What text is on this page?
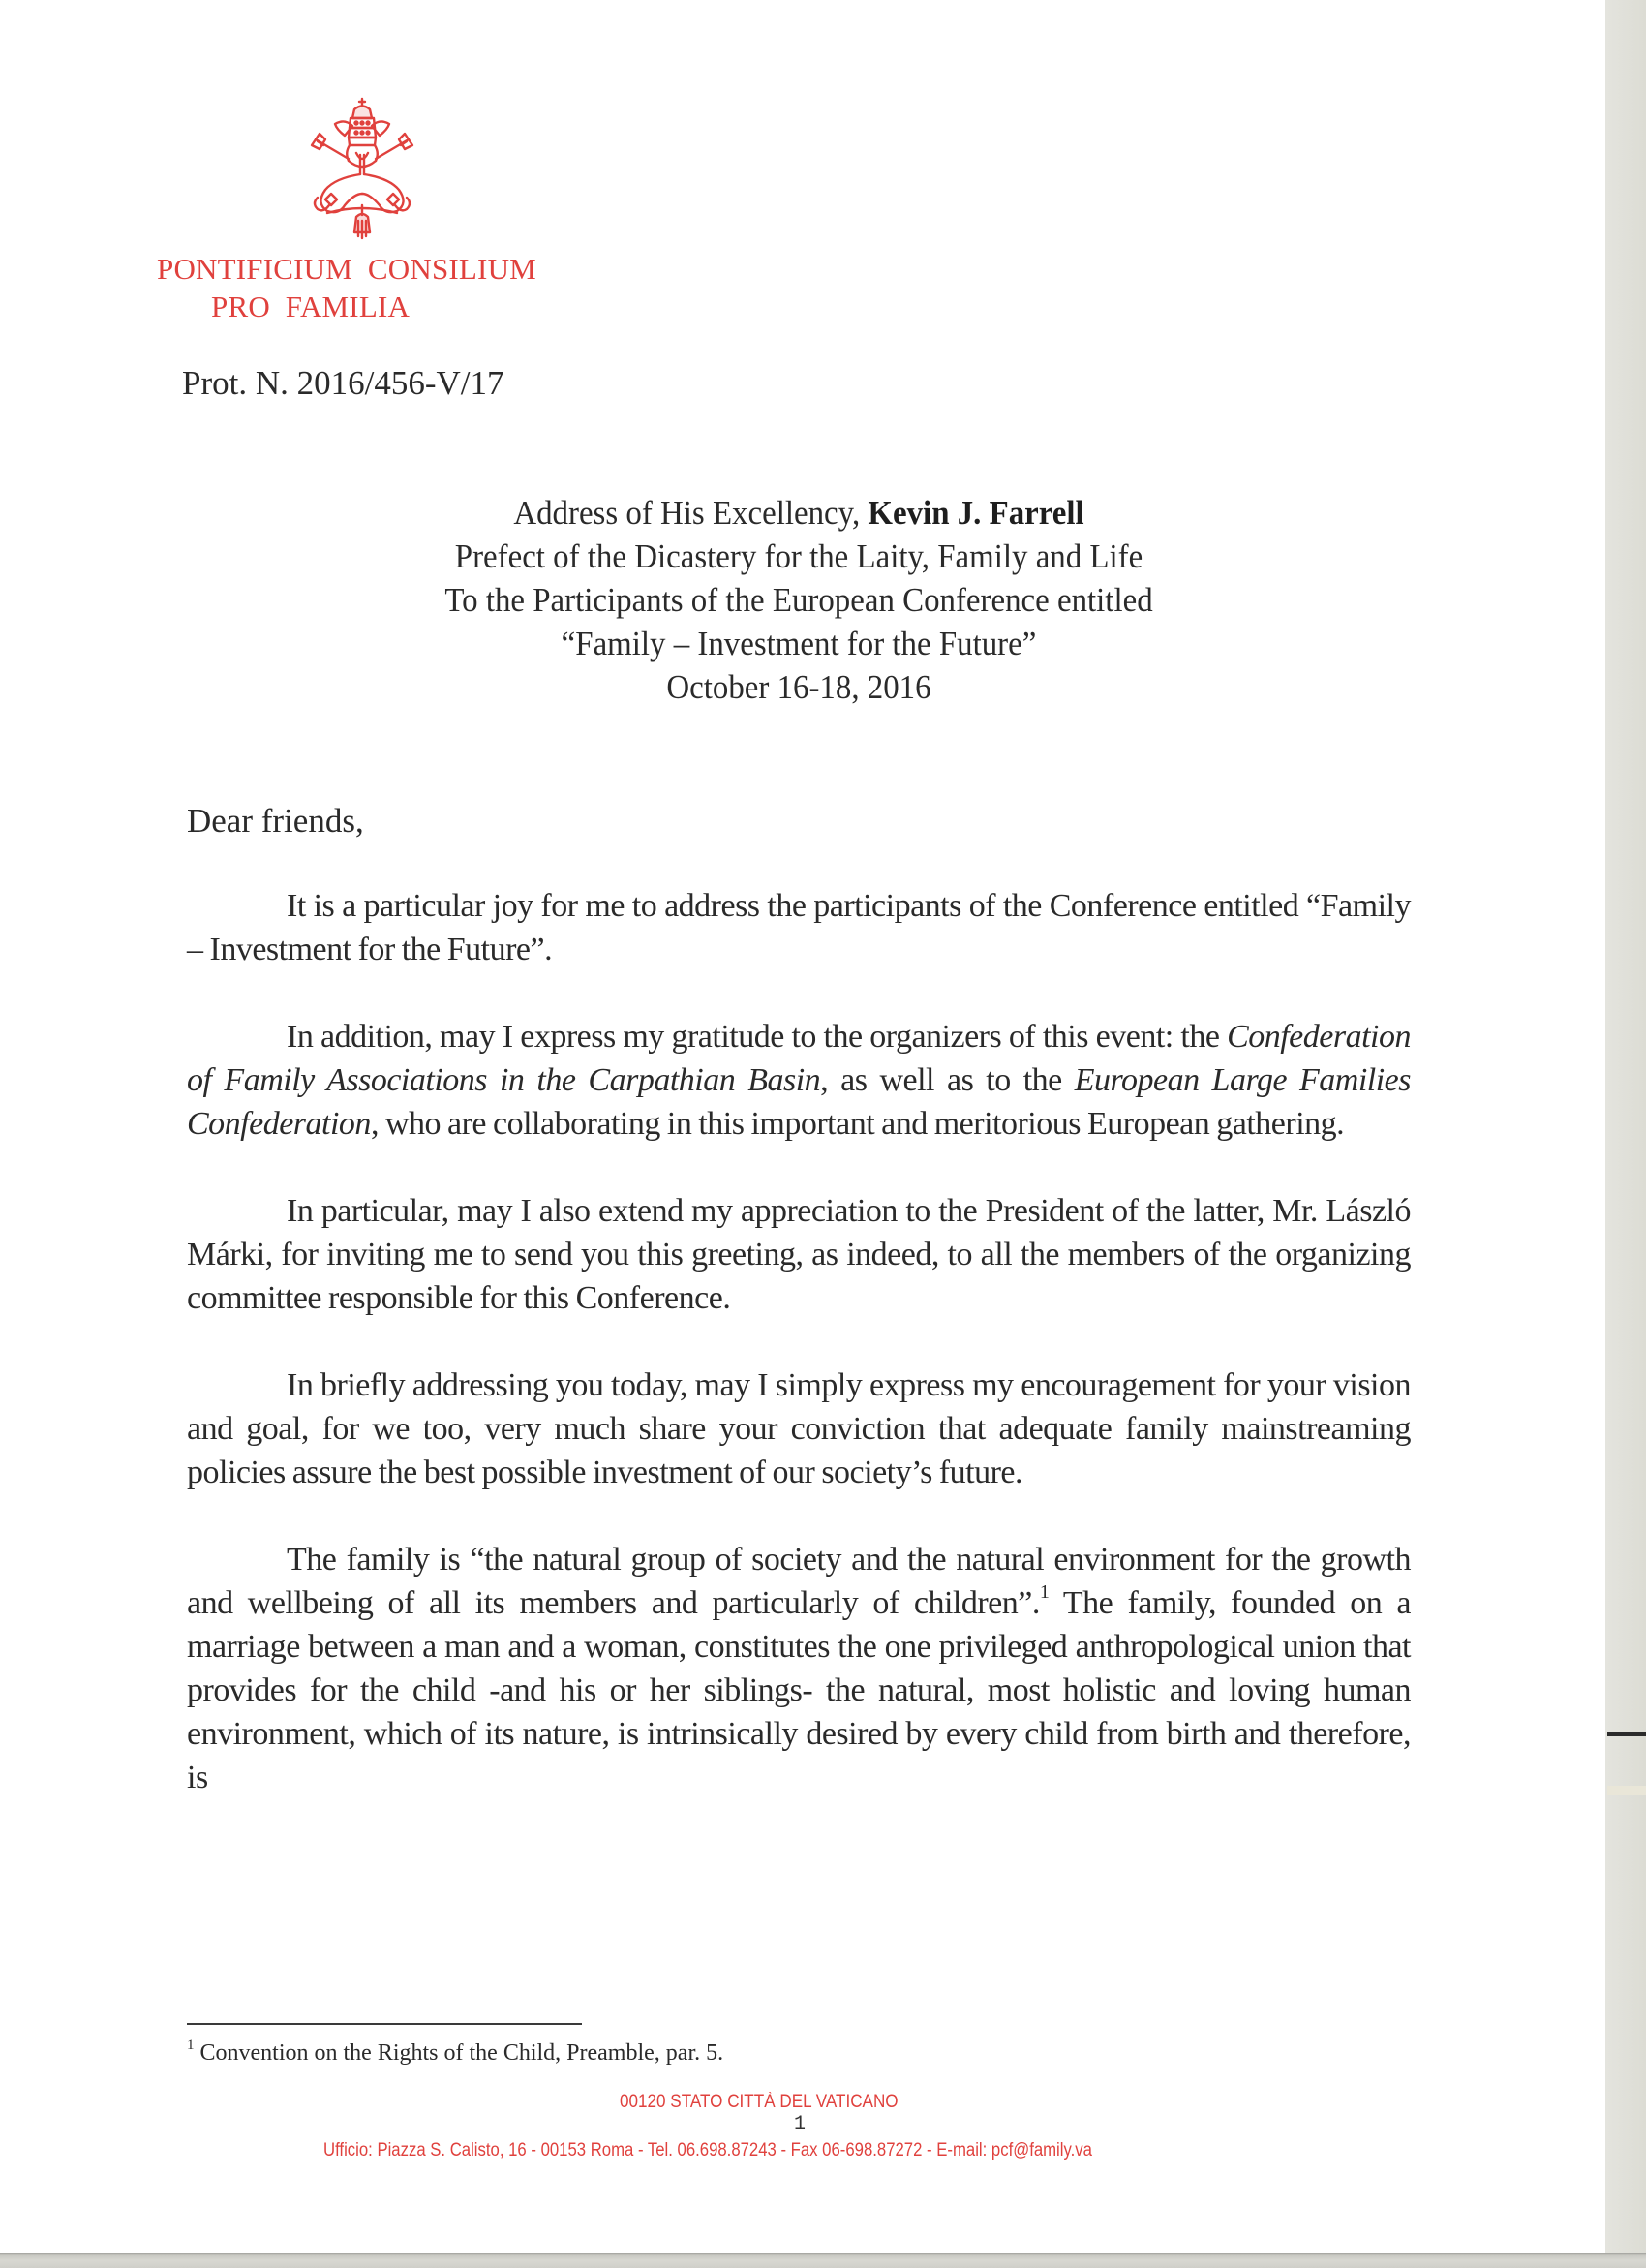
PONTIFICIUM  CONSILIUM
PRO  FAMILIA
Prot. N. 2016/456-V/17
Address of His Excellency, Kevin J. Farrell
Prefect of the Dicastery for the Laity, Family and Life
To the Participants of the European Conference entitled
“Family – Investment for the Future”
October 16-18, 2016
Dear friends,
It is a particular joy for me to address the participants of the Conference entitled “Family – Investment for the Future”.
In addition, may I express my gratitude to the organizers of this event: the Confederation of Family Associations in the Carpathian Basin, as well as to the European Large Families Confederation, who are collaborating in this important and meritorious European gathering.
In particular, may I also extend my appreciation to the President of the latter, Mr. László Márki, for inviting me to send you this greeting, as indeed, to all the members of the organizing committee responsible for this Conference.
In briefly addressing you today, may I simply express my encouragement for your vision and goal, for we too, very much share your conviction that adequate family mainstreaming policies assure the best possible investment of our society’s future.
The family is “the natural group of society and the natural environment for the growth and wellbeing of all its members and particularly of children”.$^1$ The family, founded on a marriage between a man and a woman, constitutes the one privileged anthropological union that provides for the child -and his or her siblings- the natural, most holistic and loving human environment, which of its nature, is intrinsically desired by every child from birth and therefore, is
$^1$ Convention on the Rights of the Child, Preamble, par. 5.
00120 STATO CITTÀ DEL VATICANO
1
Ufficio: Piazza S. Calisto, 16 - 00153 Roma - Tel. 06.698.87243 - Fax 06-698.87272 - E-mail: pcf@family.va
